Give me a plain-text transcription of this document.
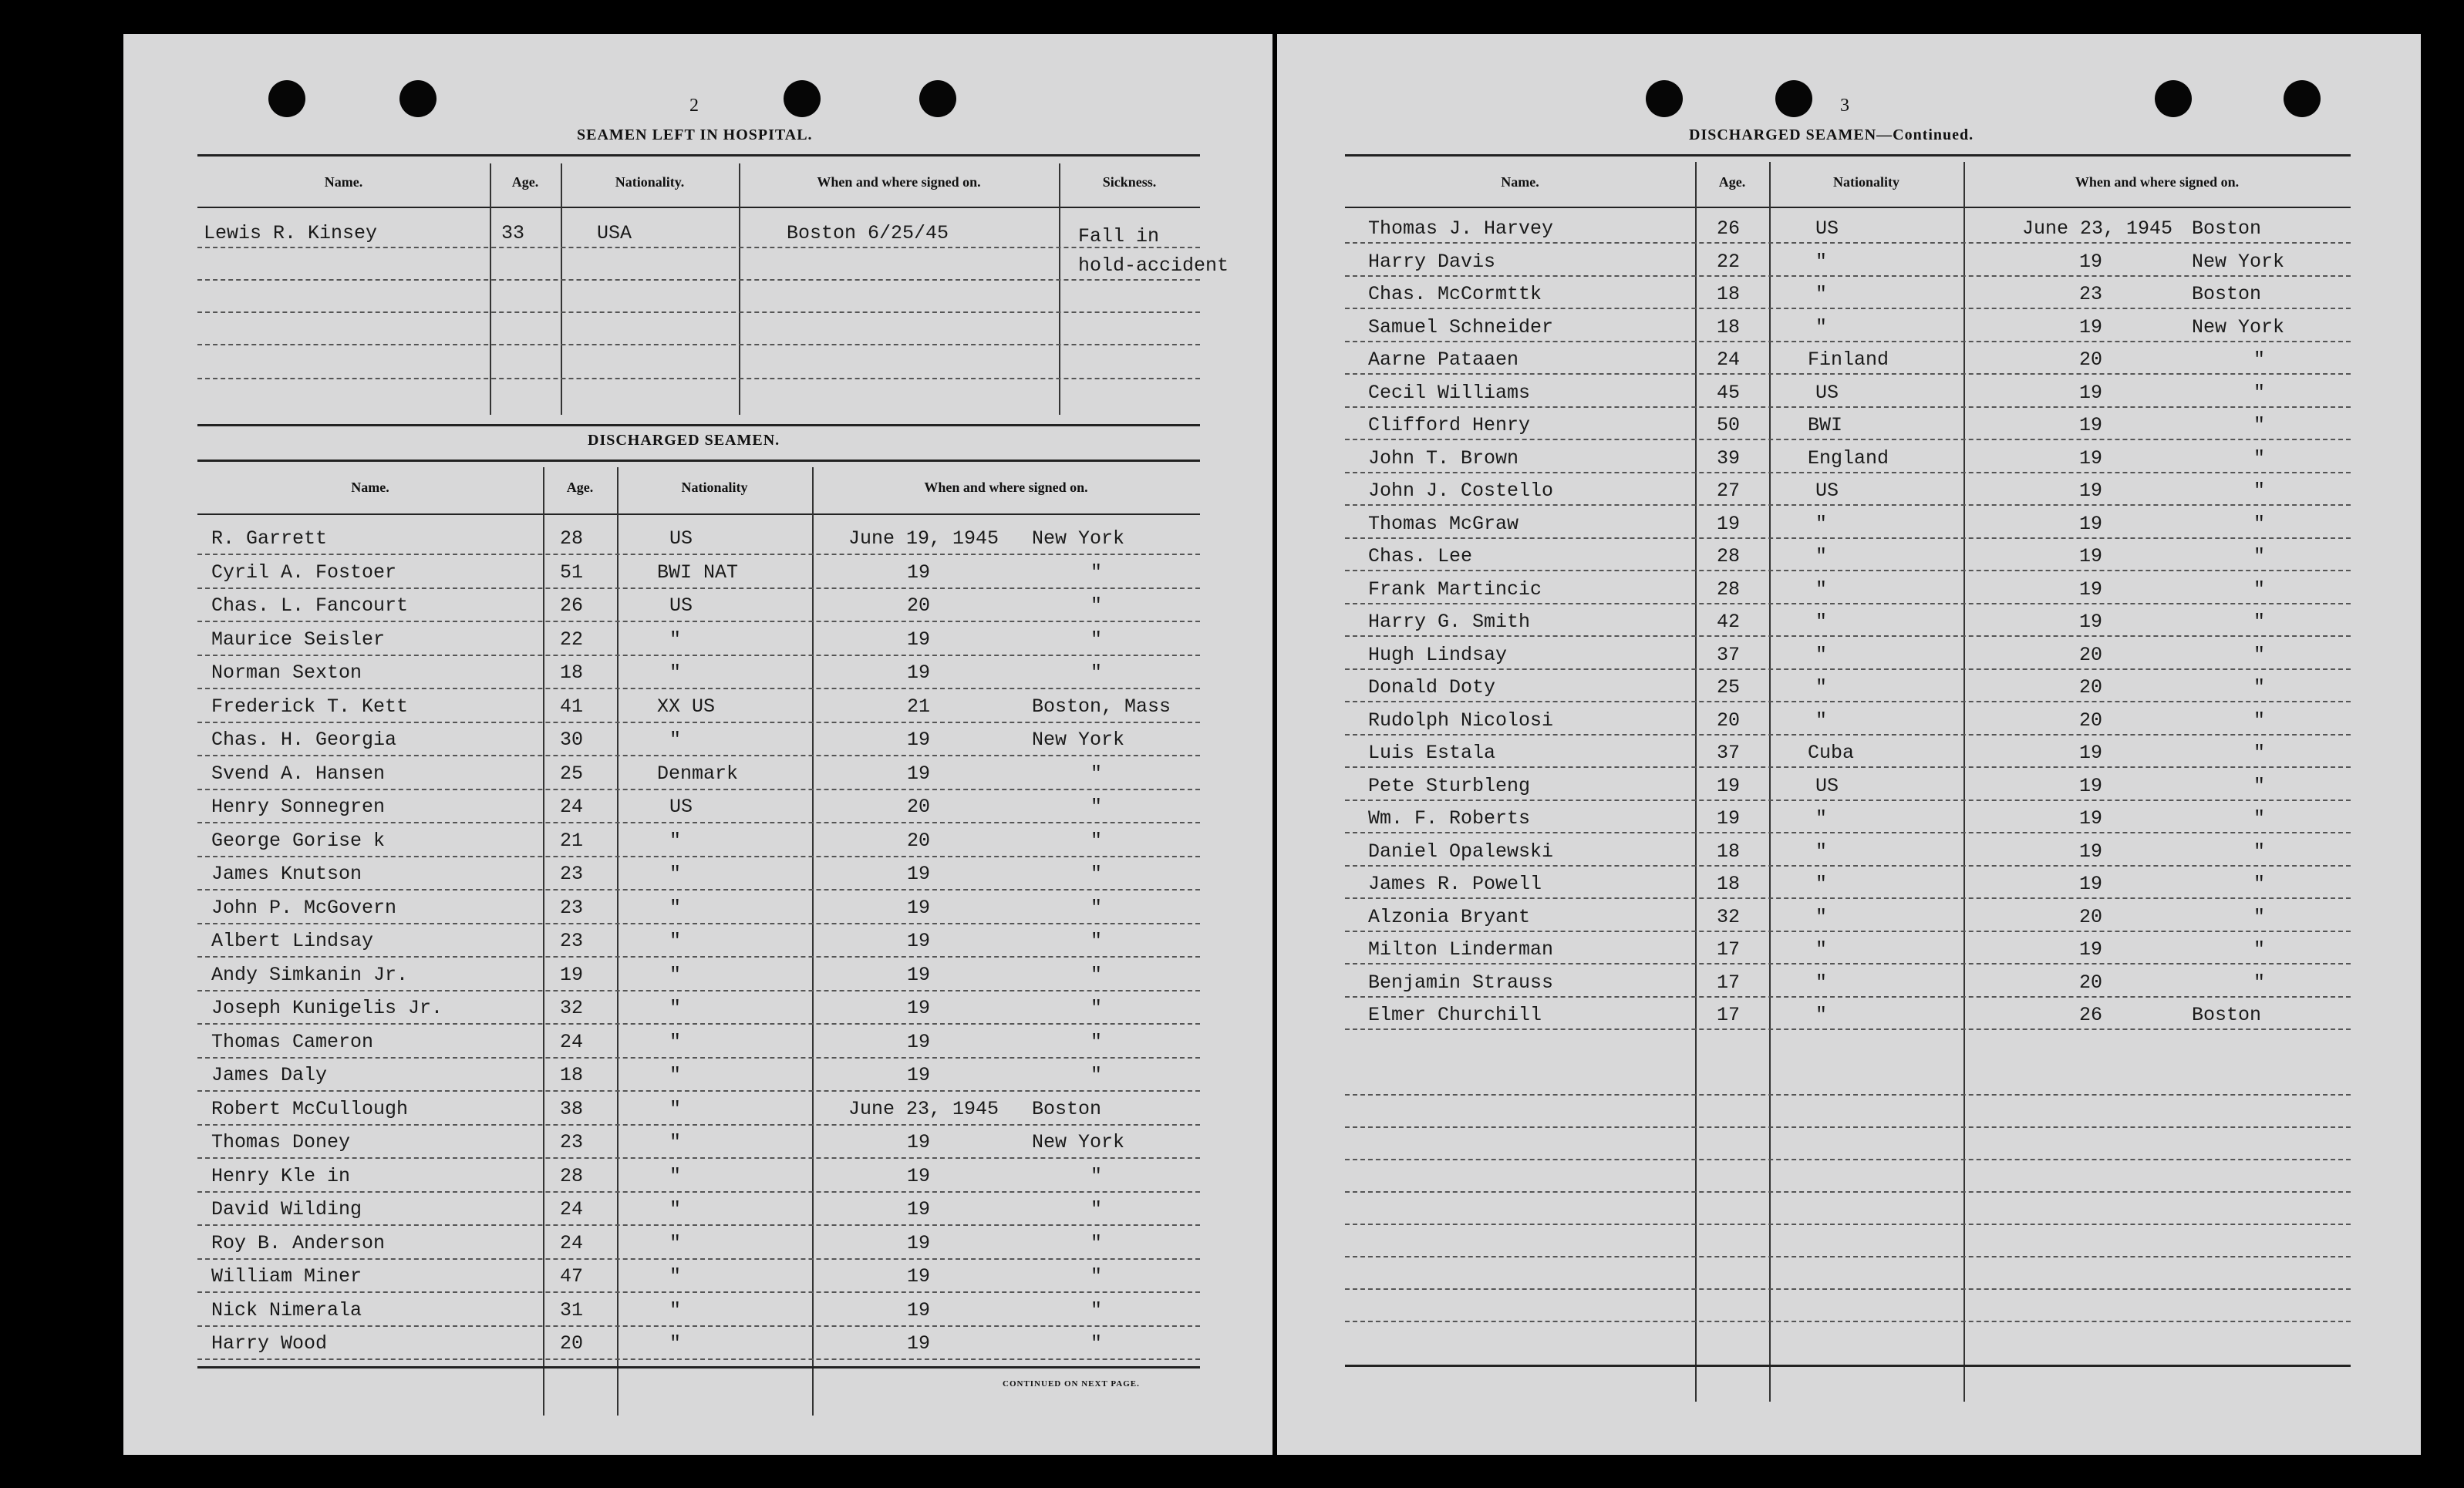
2
SEAMEN LEFT IN HOSPITAL.
Name.	Age.	Nationality.	When and where signed on.	Sickness.
Lewis R. Kinsey	33	USA	Boston 6/25/45	Fall in
hold-accident
DISCHARGED SEAMEN.
Name.	Age.	Nationality	When and where signed on.
R. Garrett	28	US	June 19, 1945 New York
Cyril A. Fostoer	51	BWI NAT	19	"
Chas. L. Fancourt	26	US	20	"
Maurice Seisler	22	"	19	"
Norman Sexton	18	"	19	"
Frederick T. Kett	41	XX US	21	Boston, Mass
Chas. H. Georgia	30	"	19	New York
Svend A. Hansen	25	Denmark	19	"
Henry Sonnegren	24	US	20	"
George Gorise k	21	"	20	"
James Knutson	23	"	19	"
John P. McGovern	23	"	19	"
Albert Lindsay	23	"	19	"
Andy Simkanin Jr.	19	"	19	"
Joseph Kunigelis Jr.	32	"	19	"
Thomas Cameron	24	"	19	"
James Daly	18	"	19	"
Robert McCullough	38	"	June 23, 1945 Boston
Thomas Doney	23	"	19	New York
Henry Kle in	28	"	19	"
David Wilding	24	"	19	"
Roy B. Anderson	24	"	19	"
William Miner	47	"	19	"
Nick Nimerala	31	"	19	"
Harry Wood	20	"	19	"
CONTINUED ON NEXT PAGE.
3
DISCHARGED SEAMEN—Continued.
Name.	Age.	Nationality	When and where signed on.
Thomas J. Harvey	26	US	June 23, 1945 Boston
Harry Davis	22	"	19	New York
Chas. McCormttk	18	"	23	Boston
Samuel Schneider	18	"	19	New York
Aarne Pataaen	24	Finland	20	"
Cecil Williams	45	US	19	"
Clifford Henry	50	BWI	19	"
John T. Brown	39	England	19	"
John J. Costello	27	US	19	"
Thomas McGraw	19	"	19	"
Chas. Lee	28	"	19	"
Frank Martincic	28	"	19	"
Harry G. Smith	42	"	19	"
Hugh Lindsay	37	"	20	"
Donald Doty	25	"	20	"
Rudolph Nicolosi	20	"	20	"
Luis Estala	37	Cuba	19	"
Pete Sturbleng	19	US	19	"
Wm. F. Roberts	19	"	19	"
Daniel Opalewski	18	"	19	"
James R. Powell	18	"	19	"
Alzonia Bryant	32	"	20	"
Milton Linderman	17	"	19	"
Benjamin Strauss	17	"	20	"
Elmer Churchill	17	"	26	Boston
